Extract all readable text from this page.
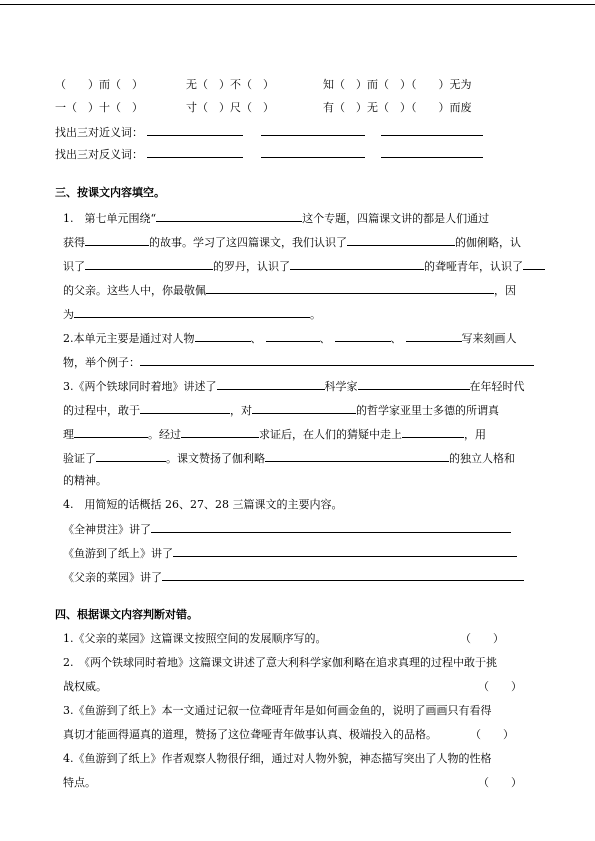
（　　）而（　）	无（　）不（　）	知（　）而（　）（　　）无为
一（　）十（　）	寸（　）尺（　）	有（　）无（　）（　　）而废
找出三对近义词：
找出三对反义词：
三、按课文内容填空。
1.　第七单元围绕“	这个专题，四篇课文讲的都是人们通过
获得	的故事。学习了这四篇课文，我们认识了	的伽俐略，认
识了	的罗丹，认识了	的聋哑青年，认识了
的父亲。这些人中，你最敬佩	，因
为	。
2.本单元主要是通过对人物	、	、	、	写来刻画人
物，举个例子：
3.《两个铁球同时着地》讲述了	科学家	在年轻时代
的过程中，敢于	，对	的哲学家亚里士多德的所谓真
理	。经过	求证后，在人们的猜疑中走上	，用
验证了	。课文赞扬了伽利略	的独立人格和
的精神。
4.　用简短的话概括 26、27、28 三篇课文的主要内容。
《全神贯注》讲了
《鱼游到了纸上》讲了
《父亲的菜园》讲了
四、根据课文内容判断对错。
1.《父亲的菜园》这篇课文按照空间的发展顺序写的。	（　　）
2.　《两个铁球同时着地》这篇课文讲述了意大利科学家伽利略在追求真理的过程中敢于挑
战权威。	（　　）
3.《鱼游到了纸上》本一文通过记叙一位聋哑青年是如何画金鱼的，说明了画画只有看得
真切才能画得逼真的道理，赞扬了这位聋哑青年做事认真、极端投入的品格。	（　　）
4.《鱼游到了纸上》作者观察人物很仔细，通过对人物外貌，神态描写突出了人物的性格
特点。	（　　）
